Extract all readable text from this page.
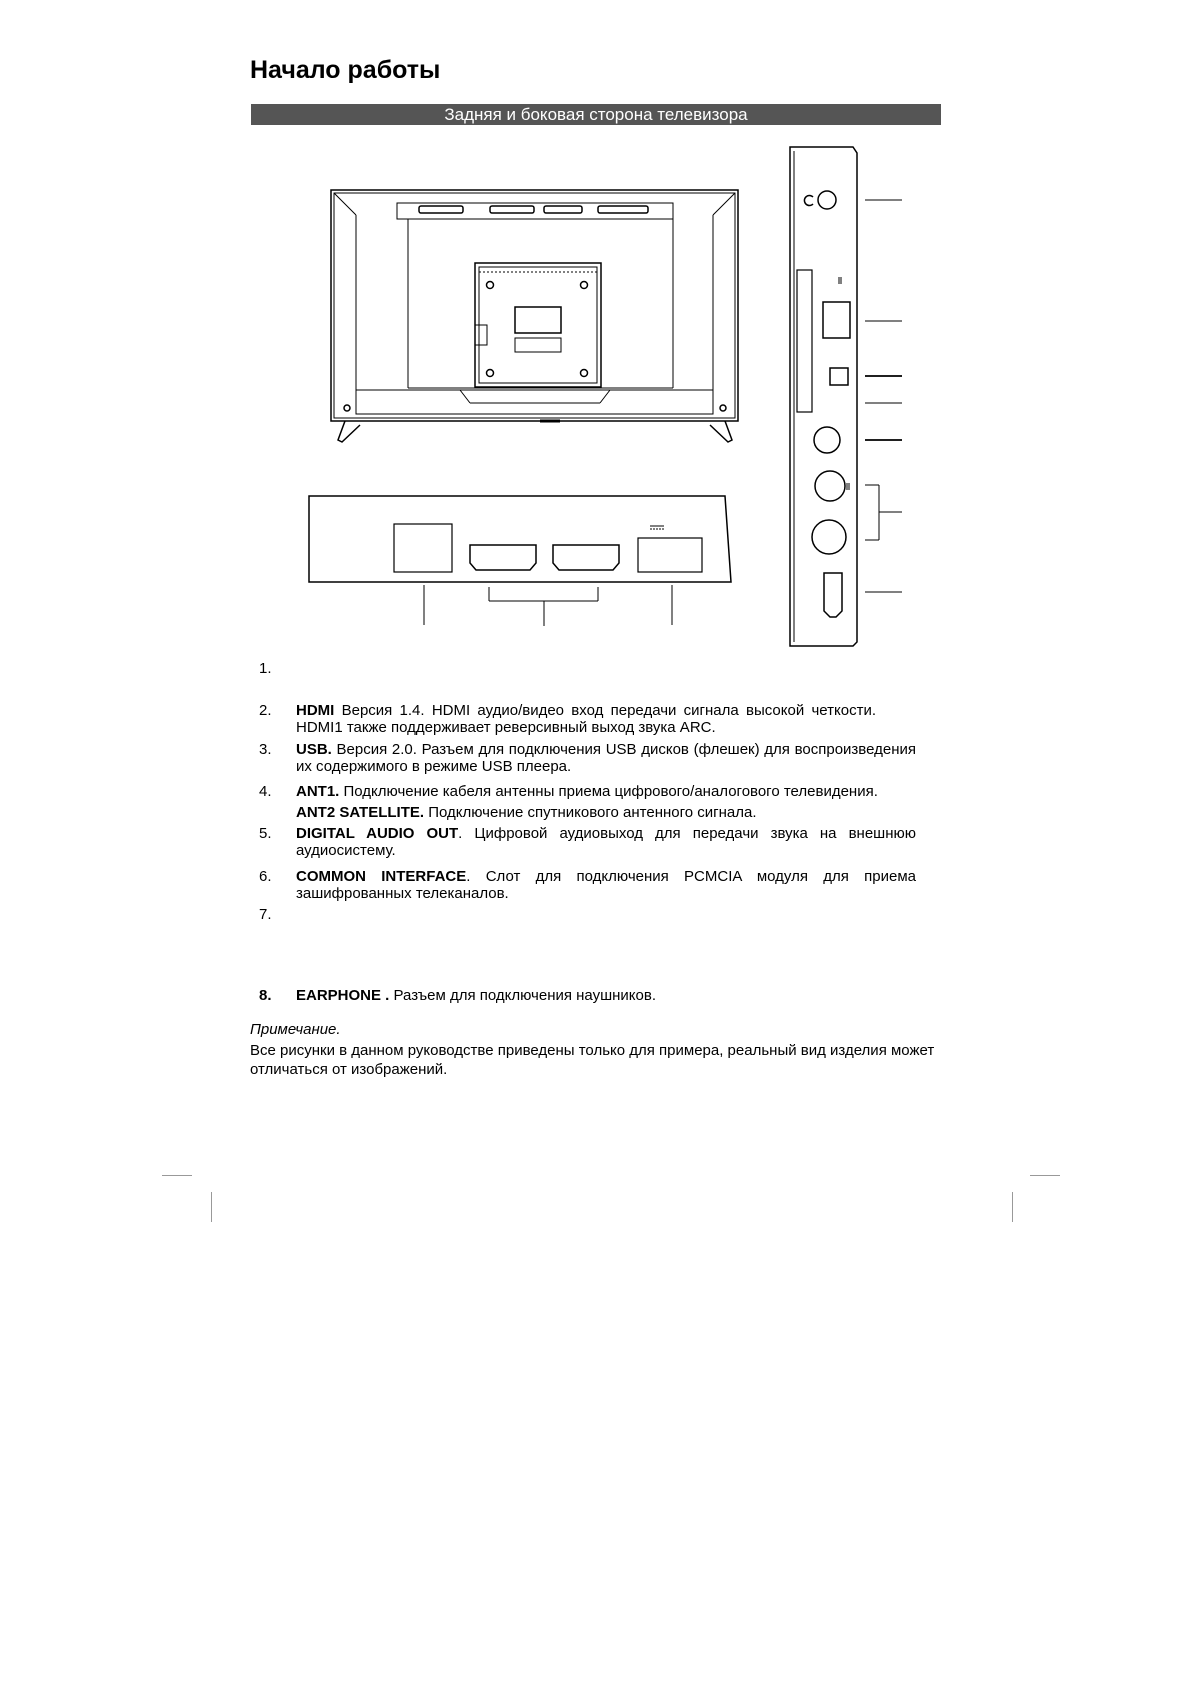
Начало работы
Задняя и боковая сторона телевизора
1.
2.	HDMI Версия 1.4. HDMI аудио/видео вход передачи сигнала высокой четкости. HDMI1 также поддерживает реверсивный выход звука ARC.
3.	USB. Версия 2.0. Разъем для подключения USB дисков (флешек) для воспроизведения их содержимого в режиме USB плеера.
4.	ANT1. Подключение кабеля антенны приема цифрового/аналогового телевидения.
ANT2 SATELLITE. Подключение спутникового антенного сигнала.
5.	DIGITAL AUDIO OUT. Цифровой аудиовыход для передачи звука на внешнюю аудиосистему.
6.	COMMON INTERFACE. Слот для подключения PCMCIA модуля для приема зашифрованных телеканалов.
7.
8.	EARPHONE . Разъем для подключения наушников.
Примечание.
Все рисунки в данном руководстве приведены только для примера, реальный вид изделия может отличаться от изображений.
